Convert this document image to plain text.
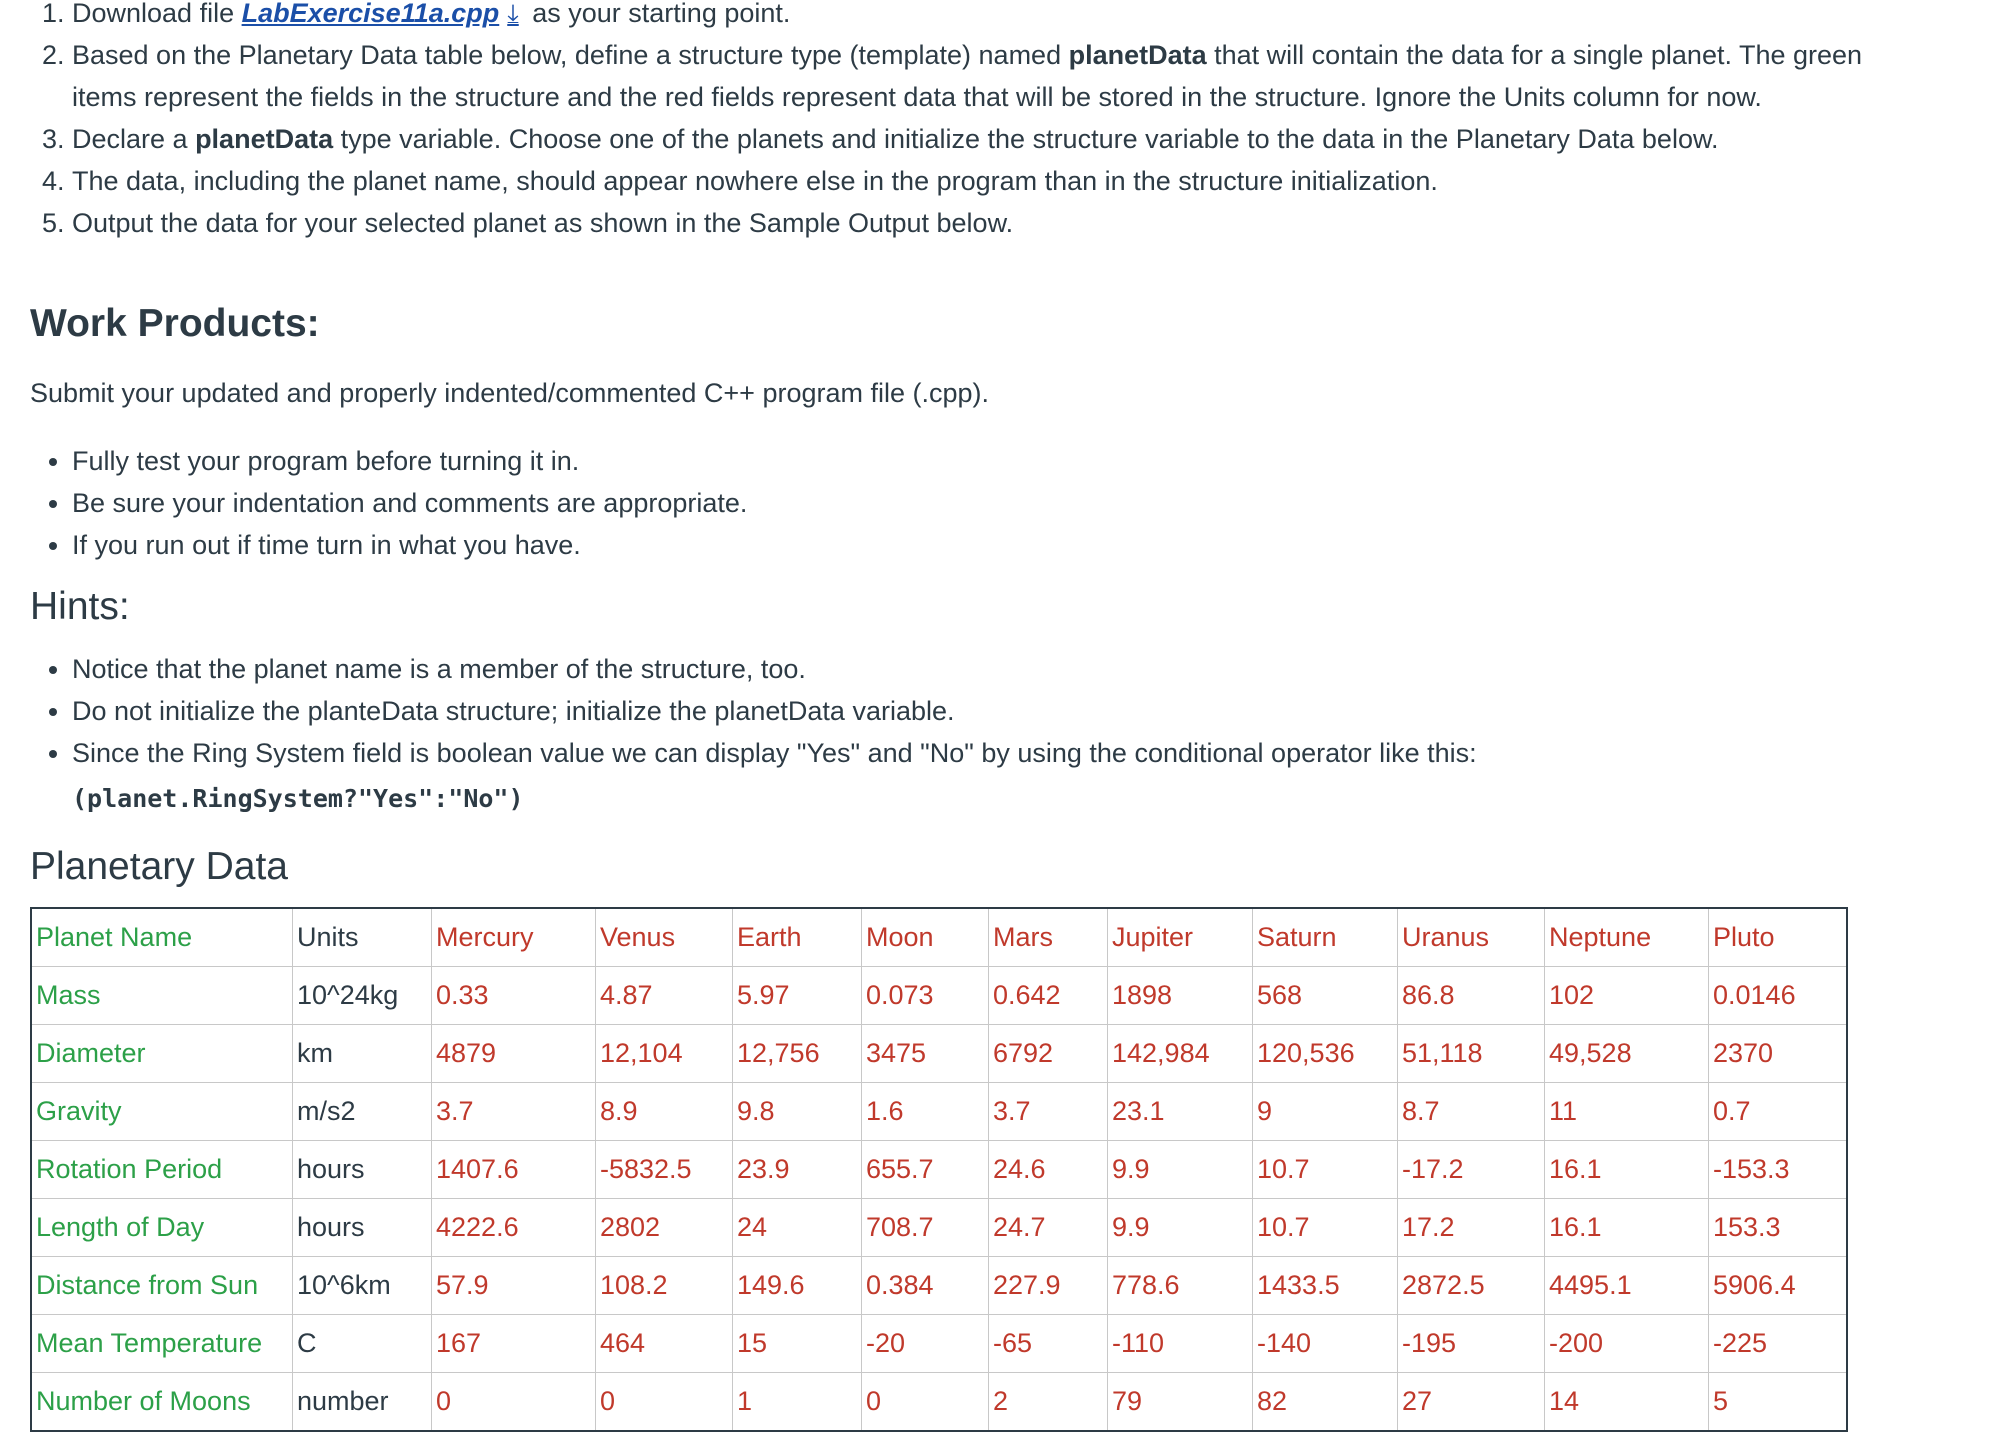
1. Download file LabExercise11a.cpp ⤓ as your starting point.
2. Based on the Planetary Data table below, define a structure type (template) named planetData that will contain the data for a single planet. The green items represent the fields in the structure and the red fields represent data that will be stored in the structure. Ignore the Units column for now.
3. Declare a planetData type variable. Choose one of the planets and initialize the structure variable to the data in the Planetary Data below.
4. The data, including the planet name, should appear nowhere else in the program than in the structure initialization.
5. Output the data for your selected planet as shown in the Sample Output below.
Work Products:

Submit your updated and properly indented/commented C++ program file (.cpp).

• Fully test your program before turning it in.
• Be sure your indentation and comments are appropriate.
• If you run out if time turn in what you have.
Hints:
• Notice that the planet name is a member of the structure, too.
• Do not initialize the planteData structure; initialize the planetData variable.
• Since the Ring System field is boolean value we can display "Yes" and "No" by using the conditional operator like this:
(planet.RingSystem?"Yes":"No")
Planetary Data
Planet Name	Units	Mercury	Venus	Earth	Moon	Mars	Jupiter	Saturn	Uranus	Neptune	Pluto
Mass	10^24kg	0.33	4.87	5.97	0.073	0.642	1898	568	86.8	102	0.0146
Diameter	km	4879	12,104	12,756	3475	6792	142,984	120,536	51,118	49,528	2370
Gravity	m/s2	3.7	8.9	9.8	1.6	3.7	23.1	9	8.7	11	0.7
Rotation Period	hours	1407.6	-5832.5	23.9	655.7	24.6	9.9	10.7	-17.2	16.1	-153.3
Length of Day	hours	4222.6	2802	24	708.7	24.7	9.9	10.7	17.2	16.1	153.3
Distance from Sun	10^6km	57.9	108.2	149.6	0.384	227.9	778.6	1433.5	2872.5	4495.1	5906.4
Mean Temperature	C	167	464	15	-20	-65	-110	-140	-195	-200	-225
Number of Moons	number	0	0	1	0	2	79	82	27	14	5
